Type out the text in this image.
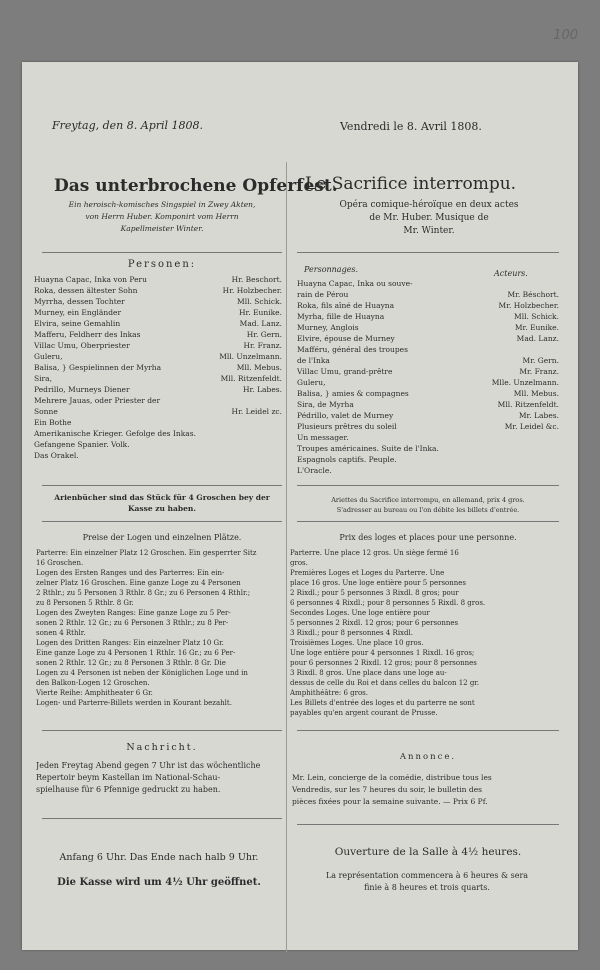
100
Freytag, den 8. April 1808.
Das unterbrochene Opferfest.
Ein heroisch-komisches Singspiel in Zwey Akten,
von Herrn Huber. Komponirt vom Herrn
Kapellmeister Winter.
Personen:
Huayna Capac, Inka von Peru	Hr. Beschort.
Roka, dessen ältester Sohn	Hr. Holzbecher.
Myrrha, dessen Tochter	Mll. Schick.
Murney, ein Engländer	Hr. Eunike.
Elvira, seine Gemahlin	Mad. Lanz.
Mafferu, Feldherr des Inkas	Hr. Gern.
Villac Umu, Oberpriester	Hr. Franz.
Guleru,	Mll. Unzelmann.
Balisa, } Gespielinnen der Myrha	Mll. Mebus.
Sira,	Mll. Ritzenfeldt.
Pedrillo, Murneys Diener	Hr. Labes.
Mehrere Jauas, oder Priester der
Sonne	Hr. Leidel zc.
Ein Bothe
Amerikanische Krieger. Gefolge des Inkas.
Gefangene Spanier. Volk.
Das Orakel.
Arienbücher sind das Stück für 4 Groschen bey der
Kasse zu haben.
Preise der Logen und einzelnen Plätze.
Parterre: Ein einzelner Platz 12 Groschen. Ein gesperrter Sitz
16 Groschen.
Logen des Ersten Ranges und des Parterres: Ein ein-
zelner Platz 16 Groschen. Eine ganze Loge zu 4 Personen
2 Rthlr.; zu 5 Personen 3 Rthlr. 8 Gr.; zu 6 Personen 4 Rthlr.;
zu 8 Personen 5 Rthlr. 8 Gr.
Logen des Zweyten Ranges: Eine ganze Loge zu 5 Per-
sonen 2 Rthlr. 12 Gr.; zu 6 Personen 3 Rthlr.; zu 8 Per-
sonen 4 Rthlr.
Logen des Dritten Ranges: Ein einzelner Platz 10 Gr.
Eine ganze Loge zu 4 Personen 1 Rthlr. 16 Gr.; zu 6 Per-
sonen 2 Rthlr. 12 Gr.; zu 8 Personen 3 Rthlr. 8 Gr. Die
Logen zu 4 Personen ist neben der Königlichen Loge und in
den Balkon-Logen 12 Groschen.
Vierte Reihe: Amphitheater 6 Gr.
Logen- und Parterre-Billets werden in Kourant bezahlt.
Nachricht.
Jeden Freytag Abend gegen 7 Uhr ist das wöchentliche
Repertoir beym Kastellan im National-Schau-
spielhause für 6 Pfennige gedruckt zu haben.
Anfang 6 Uhr. Das Ende nach halb 9 Uhr.
Die Kasse wird um 4½ Uhr geöffnet.
Vendredi le 8. Avril 1808.
Le Sacrifice interrompu.
Opéra comique-héroïque en deux actes
de Mr. Huber. Musique de
Mr. Winter.
Personnages.	Acteurs.
Huayna Capac, Inka ou souve-
rain de Pérou	Mr. Béschort.
Roka, fils aîné de Huayna	Mr. Holzbecher.
Myrha, fille de Huayna	Mll. Schick.
Murney, Anglois	Mr. Eunike.
Elvire, épouse de Murney	Mad. Lanz.
Mafféru, général des troupes
de l'Inka	Mr. Gern.
Villac Umu, grand-prêtre	Mr. Franz.
Guleru,	Mlle. Unzelmann.
Balisa, } amies & compagnes	Mll. Mebus.
Sira, de Myrha	Mll. Ritzenfeldt.
Pédrillo, valet de Murney	Mr. Labes.
Plusieurs prêtres du soleil	Mr. Leidel &c.
Un messager.
Troupes américaines. Suite de l'Inka.
Espagnols captifs. Peuple.
L'Oracle.
Ariettes du Sacrifice interrompu, en allemand, prix 4 gros.
S'adresser au bureau ou l'on débite les billets d'entrée.
Prix des loges et places pour une personne.
Parterre. Une place 12 gros. Un siège fermé 16
gros.
Premières Loges et Loges du Parterre. Une
place 16 gros. Une loge entière pour 5 personnes
2 Rixdl.; pour 5 personnes 3 Rixdl. 8 gros; pour
6 personnes 4 Rixdl.; pour 8 personnes 5 Rixdl. 8 gros.
Secondes Loges. Une loge entière pour
5 personnes 2 Rixdl. 12 gros; pour 6 personnes
3 Rixdl.; pour 8 personnes 4 Rixdl.
Troisièmes Loges. Une place 10 gros.
Une loge entière pour 4 personnes 1 Rixdl. 16 gros;
pour 6 personnes 2 Rixdl. 12 gros; pour 8 personnes
3 Rixdl. 8 gros. Une place dans une loge au-
dessus de celle du Roi et dans celles du balcon 12 gr.
Amphithéâtre: 6 gros.
Les Billets d'entrée des loges et du parterre ne sont
payables qu'en argent courant de Prusse.
Annonce.
Mr. Lein, concierge de la comédie, distribue tous les
Vendredis, sur les 7 heures du soir, le bulletin des
pièces fixées pour la semaine suivante. — Prix 6 Pf.
Ouverture de la Salle à 4½ heures.
La représentation commencera à 6 heures & sera
finie à 8 heures et trois quarts.
